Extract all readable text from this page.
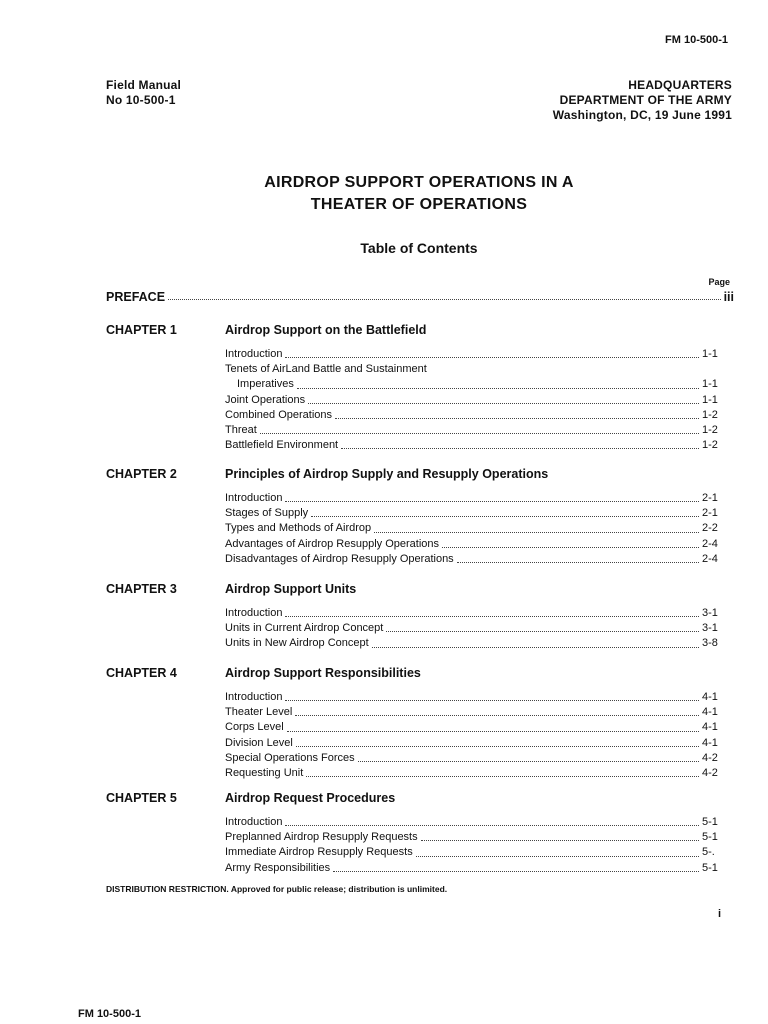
FM 10-500-1
Field Manual
No 10-500-1
HEADQUARTERS
DEPARTMENT OF THE ARMY
Washington, DC, 19 June 1991
AIRDROP SUPPORT OPERATIONS IN A
THEATER OF OPERATIONS
Table of Contents
Page
PREFACE	iii
CHAPTER 1	Airdrop Support on the Battlefield
Introduction	1-1
Tenets of AirLand Battle and Sustainment
Imperatives	1-1
Joint Operations	1-1
Combined Operations	1-2
Threat	1-2
Battlefield Environment	1-2
CHAPTER 2	Principles of Airdrop Supply and Resupply Operations
Introduction	2-1
Stages of Supply	2-1
Types and Methods of Airdrop	2-2
Advantages of Airdrop Resupply Operations	2-4
Disadvantages of Airdrop Resupply Operations	2-4
CHAPTER 3	Airdrop Support Units
Introduction	3-1
Units in Current Airdrop Concept	3-1
Units in New Airdrop Concept	3-8
CHAPTER 4	Airdrop Support Responsibilities
Introduction	4-1
Theater Level	4-1
Corps Level	4-1
Division Level	4-1
Special Operations Forces	4-2
Requesting Unit	4-2
CHAPTER 5	Airdrop Request Procedures
Introduction	5-1
Preplanned Airdrop Resupply Requests	5-1
Immediate Airdrop Resupply Requests	5-.
Army Responsibilities	5-1
DISTRIBUTION RESTRICTION. Approved for public release; distribution is unlimited.
i
FM 10-500-1
